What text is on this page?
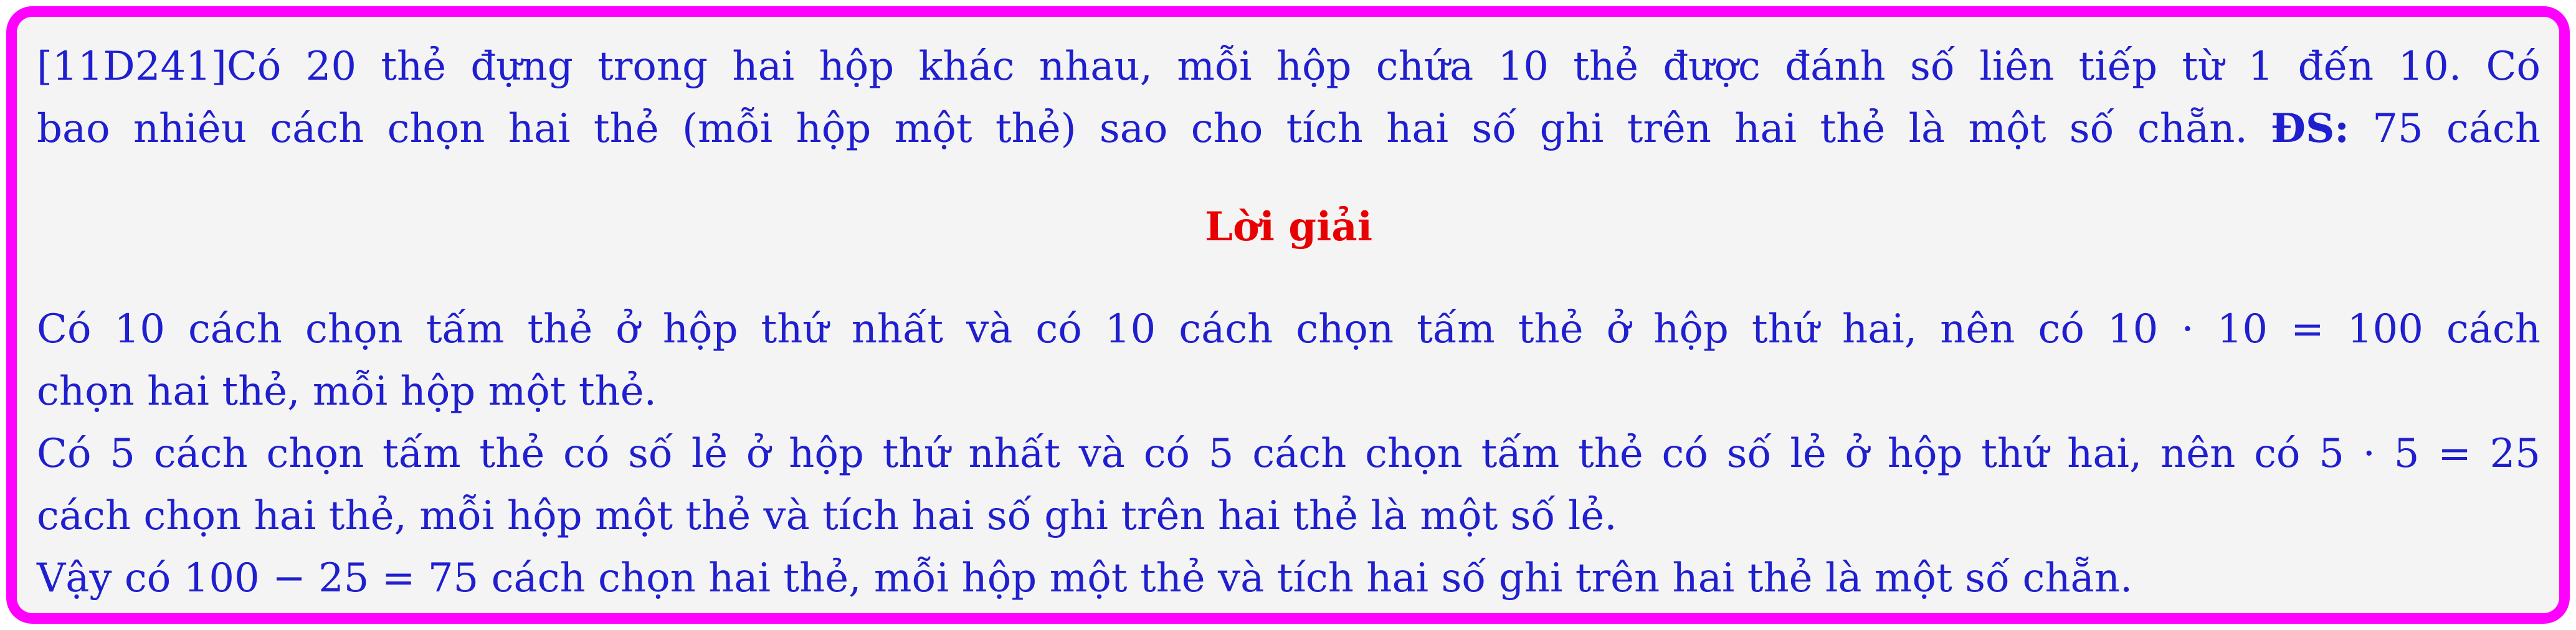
[11D241]Có 20 thẻ đựng trong hai hộp khác nhau, mỗi hộp chứa 10 thẻ được đánh số liên tiếp từ 1 đến 10. Có
bao nhiêu cách chọn hai thẻ (mỗi hộp một thẻ) sao cho tích hai số ghi trên hai thẻ là một số chẵn. ĐS: 75 cách
Lời giải
Có 10 cách chọn tấm thẻ ở hộp thứ nhất và có 10 cách chọn tấm thẻ ở hộp thứ hai, nên có 10 · 10 = 100 cách
chọn hai thẻ, mỗi hộp một thẻ.
Có 5 cách chọn tấm thẻ có số lẻ ở hộp thứ nhất và có 5 cách chọn tấm thẻ có số lẻ ở hộp thứ hai, nên có 5 · 5 = 25
cách chọn hai thẻ, mỗi hộp một thẻ và tích hai số ghi trên hai thẻ là một số lẻ.
Vậy có 100 − 25 = 75 cách chọn hai thẻ, mỗi hộp một thẻ và tích hai số ghi trên hai thẻ là một số chẵn.
